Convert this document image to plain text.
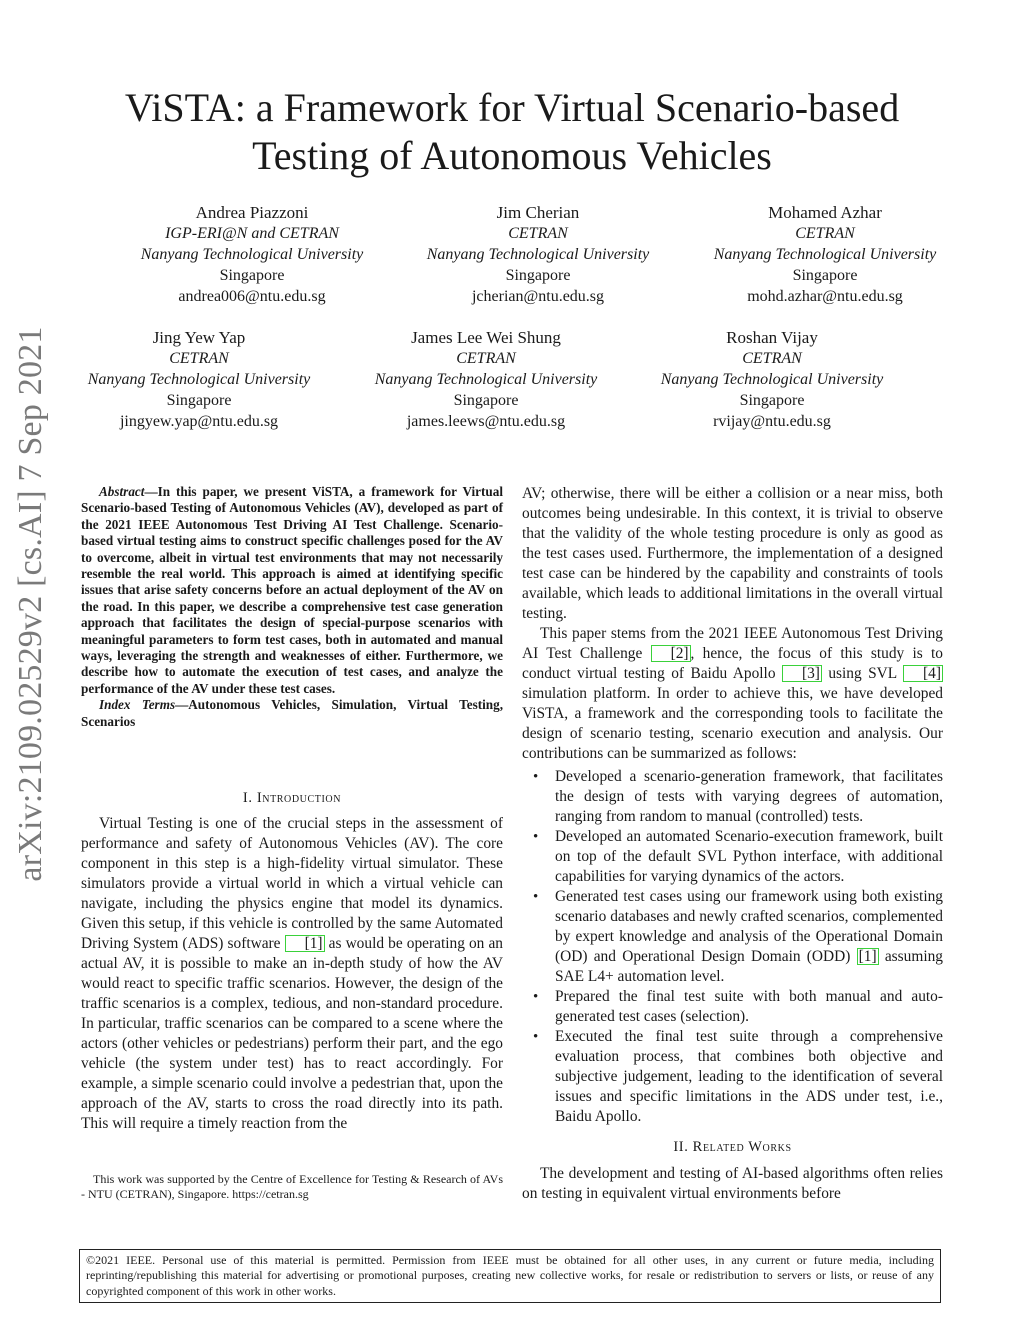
ViSTA: a Framework for Virtual Scenario-based
Testing of Autonomous Vehicles
Andrea Piazzoni
IGP-ERI@N and CETRAN
Nanyang Technological University
Singapore
andrea006@ntu.edu.sg
Jim Cherian
CETRAN
Nanyang Technological University
Singapore
jcherian@ntu.edu.sg
Mohamed Azhar
CETRAN
Nanyang Technological University
Singapore
mohd.azhar@ntu.edu.sg
Jing Yew Yap
CETRAN
Nanyang Technological University
Singapore
jingyew.yap@ntu.edu.sg
James Lee Wei Shung
CETRAN
Nanyang Technological University
Singapore
james.leews@ntu.edu.sg
Roshan Vijay
CETRAN
Nanyang Technological University
Singapore
rvijay@ntu.edu.sg
arXiv:2109.02529v2 [cs.AI] 7 Sep 2021	Abstract—In this paper, we present ViSTA, a framework for Virtual Scenario-based Testing of Autonomous Vehicles (AV), developed as part of the 2021 IEEE Autonomous Test Driving AI Test Challenge. Scenario-based virtual testing aims to construct specific challenges posed for the AV to overcome, albeit in virtual test environments that may not necessarily resemble the real world. This approach is aimed at identifying specific issues that arise safety concerns before an actual deployment of the AV on the road. In this paper, we describe a comprehensive test case generation approach that facilitates the design of special-purpose scenarios with meaningful parameters to form test cases, both in automated and manual ways, leveraging the strength and weaknesses of either. Furthermore, we describe how to automate the execution of test cases, and analyze the performance of the AV under these test cases.

Index Terms—Autonomous Vehicles, Simulation, Virtual Testing, Scenarios

I. Introduction

Virtual Testing is one of the crucial steps in the assessment of performance and safety of Autonomous Vehicles (AV). The core component in this step is a high-fidelity virtual simulator. These simulators provide a virtual world in which a virtual vehicle can navigate, including the physics engine that model its dynamics. Given this setup, if this vehicle is controlled by the same Automated Driving System (ADS) software [1] as would be operating on an actual AV, it is possible to make an in-depth study of how the AV would react to specific traffic scenarios. However, the design of the traffic scenarios is a complex, tedious, and non-standard procedure. In particular, traffic scenarios can be compared to a scene where the actors (other vehicles or pedestrians) perform their part, and the ego vehicle (the system under test) has to react accordingly. For example, a simple scenario could involve a pedestrian that, upon the approach of the AV, starts to cross the road directly into its path. This will require a timely reaction from the

This work was supported by the Centre of Excellence for Testing & Research of AVs - NTU (CETRAN), Singapore. https://cetran.sg

AV; otherwise, there will be either a collision or a near miss, both outcomes being undesirable. In this context, it is trivial to observe that the validity of the whole testing procedure is only as good as the test cases used. Furthermore, the implementation of a designed test case can be hindered by the capability and constraints of tools available, which leads to additional limitations in the overall virtual testing.

This paper stems from the 2021 IEEE Autonomous Test Driving AI Test Challenge [2] , hence, the focus of this study is to conduct virtual testing of Baidu Apollo [3] using SVL [4] simulation platform. In order to achieve this, we have developed ViSTA, a framework and the corresponding tools to facilitate the design of scenario testing, scenario execution and analysis. Our contributions can be summarized as follows:

• Developed a scenario-generation framework, that facilitates the design of tests with varying degrees of automation, ranging from random to manual (controlled) tests.
• Developed an automated Scenario-execution framework, built on top of the default SVL Python interface, with additional capabilities for varying dynamics of the actors.
• Generated test cases using our framework using both existing scenario databases and newly crafted scenarios, complemented by expert knowledge and analysis of the Operational Domain (OD) and Operational Design Domain (ODD) [1] assuming SAE L4+ automation level.
• Prepared the final test suite with both manual and auto-generated test cases (selection).
• Executed the final test suite through a comprehensive evaluation process, that combines both objective and subjective judgement, leading to the identification of several issues and specific limitations in the ADS under test, i.e., Baidu Apollo.
II. Related Works

The development and testing of AI-based algorithms often relies on testing in equivalent virtual environments before

©2021 IEEE. Personal use of this material is permitted. Permission from IEEE must be obtained for all other uses, in any current or future media, including reprinting/republishing this material for advertising or promotional purposes, creating new collective works, for resale or redistribution to servers or lists, or reuse of any copyrighted component of this work in other works.
